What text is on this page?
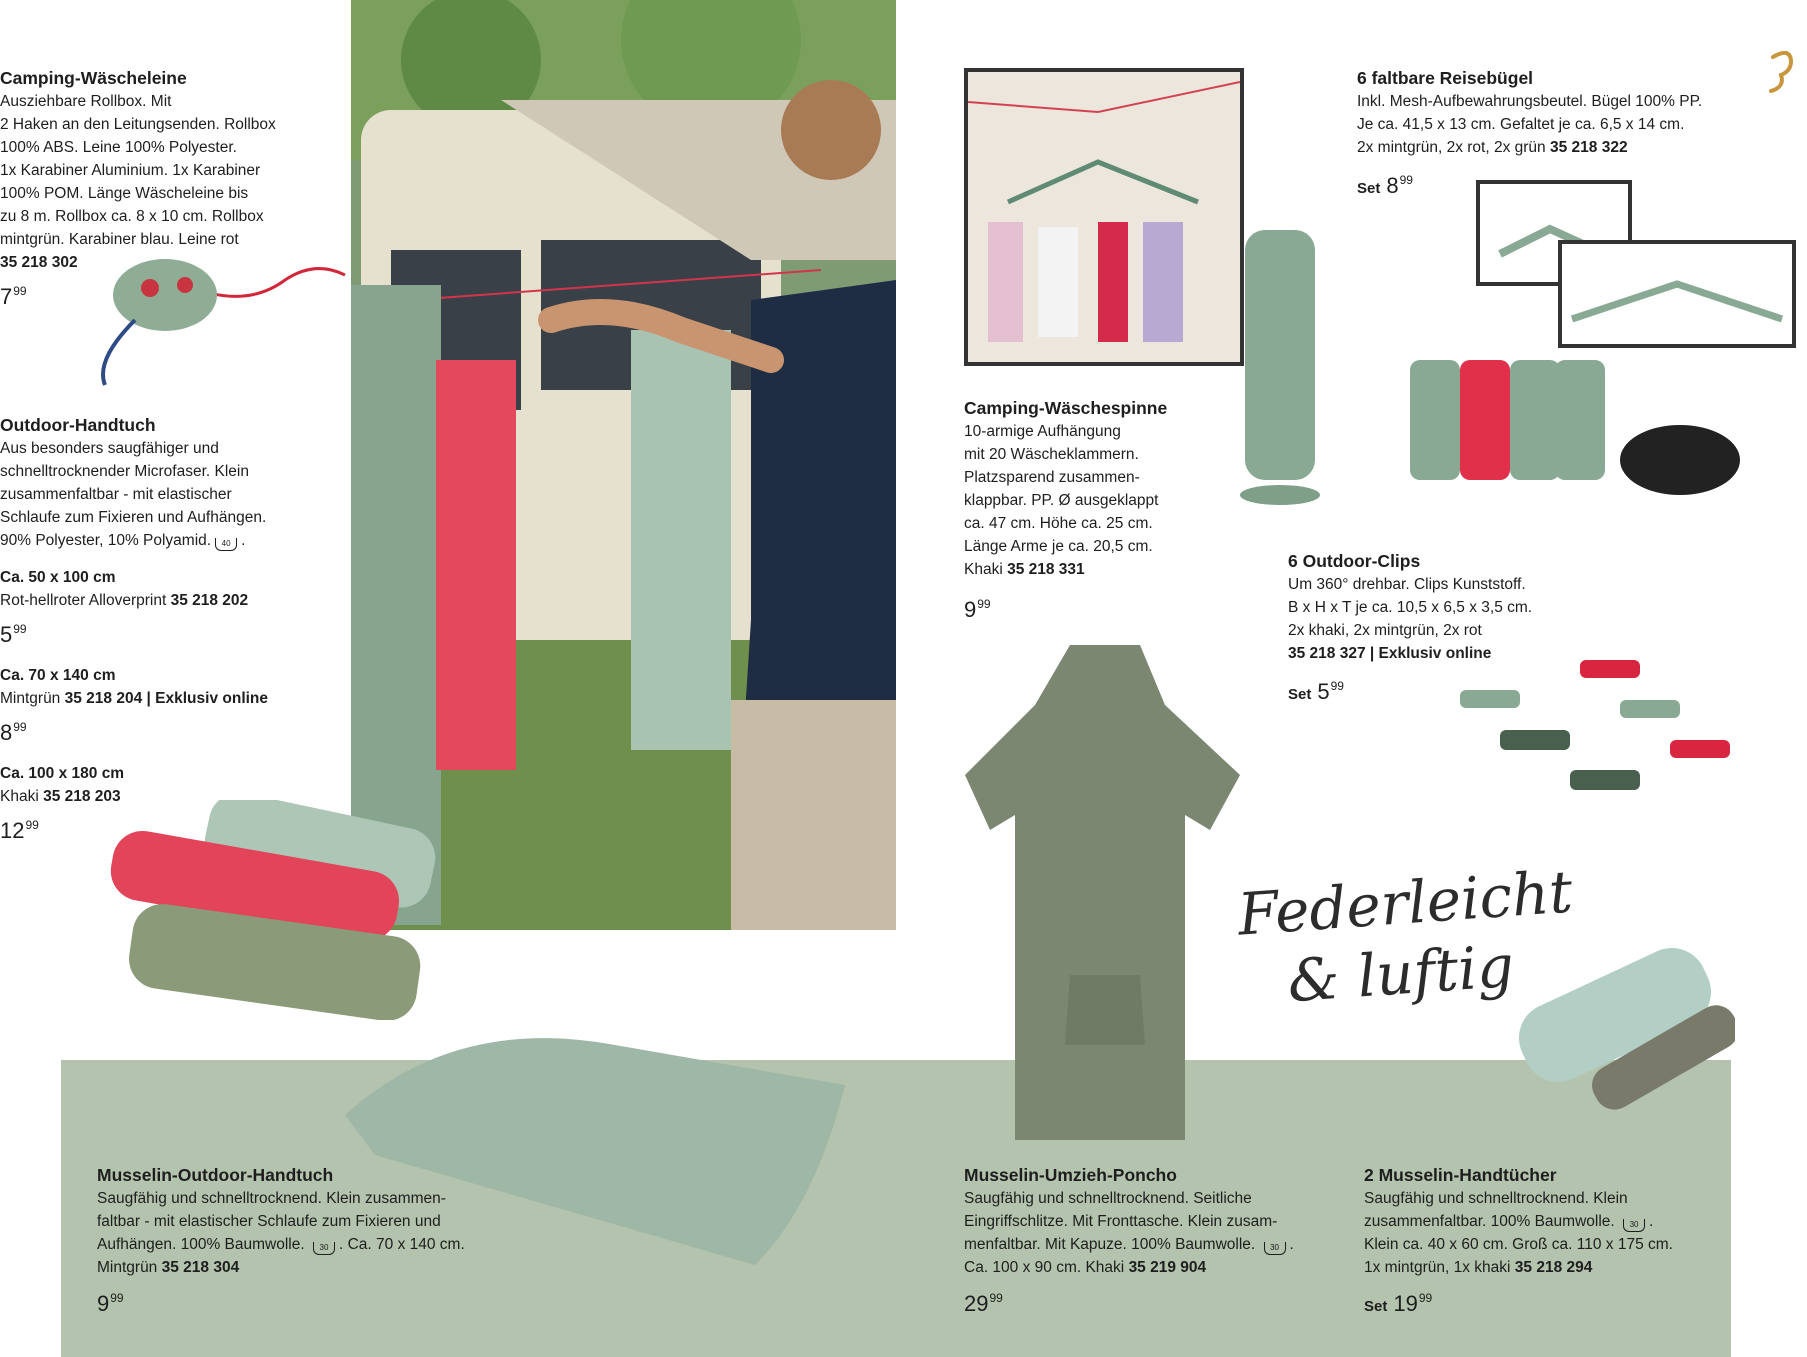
Federleicht
& luftig
Camping-Wäscheleine
Ausziehbare Rollbox. Mit
2 Haken an den Leitungsenden. Rollbox
100% ABS. Leine 100% Polyester.
1x Karabiner Aluminium. 1x Karabiner
100% POM. Länge Wäscheleine bis
zu 8 m. Rollbox ca. 8 x 10 cm. Rollbox
mintgrün. Karabiner blau. Leine rot
35 218 302
$7^{99}$
Outdoor-Handtuch
Aus besonders saugfähiger und
schnelltrocknender Microfaser. Klein
zusammenfaltbar - mit elastischer
Schlaufe zum Fixieren und Aufhängen.
90% Polyester, 10% Polyamid. 40 .
Ca. 50 x 100 cm
Rot-hellroter Alloverprint 35 218 202
$5^{99}$
Ca. 70 x 140 cm
Mintgrün 35 218 204 | Exklusiv online
$8^{99}$
Ca. 100 x 180 cm
Khaki 35 218 203
$12^{99}$
Camping-Wäschespinne
10-armige Aufhängung
mit 20 Wäscheklammern.
Platzsparend zusammen-
klappbar. PP. Ø ausgeklappt
ca. 47 cm. Höhe ca. 25 cm.
Länge Arme je ca. 20,5 cm.
Khaki 35 218 331
$9^{99}$
6 faltbare Reisebügel
Inkl. Mesh-Aufbewahrungsbeutel. Bügel 100% PP.
Je ca. 41,5 x 13 cm. Gefaltet je ca. 6,5 x 14 cm.
2x mintgrün, 2x rot, 2x grün 35 218 322
Set $8^{99}$
6 Outdoor-Clips
Um 360° drehbar. Clips Kunststoff.
B x H x T je ca. 10,5 x 6,5 x 3,5 cm.
2x khaki, 2x mintgrün, 2x rot
35 218 327 | Exklusiv online
Set $5^{99}$
Musselin-Outdoor-Handtuch
Saugfähig und schnelltrocknend. Klein zusammen-
faltbar - mit elastischer Schlaufe zum Fixieren und
Aufhängen. 100% Baumwolle. 30 . Ca. 70 x 140 cm.
Mintgrün 35 218 304
$9^{99}$
Musselin-Umzieh-Poncho
Saugfähig und schnelltrocknend. Seitliche
Eingriffschlitze. Mit Fronttasche. Klein zusam-
menfaltbar. Mit Kapuze. 100% Baumwolle. 30 .
Ca. 100 x 90 cm. Khaki 35 219 904
$29^{99}$
2 Musselin-Handtücher
Saugfähig und schnelltrocknend. Klein
zusammenfaltbar. 100% Baumwolle. 30 .
Klein ca. 40 x 60 cm. Groß ca. 110 x 175 cm.
1x mintgrün, 1x khaki 35 218 294
Set $19^{99}$
